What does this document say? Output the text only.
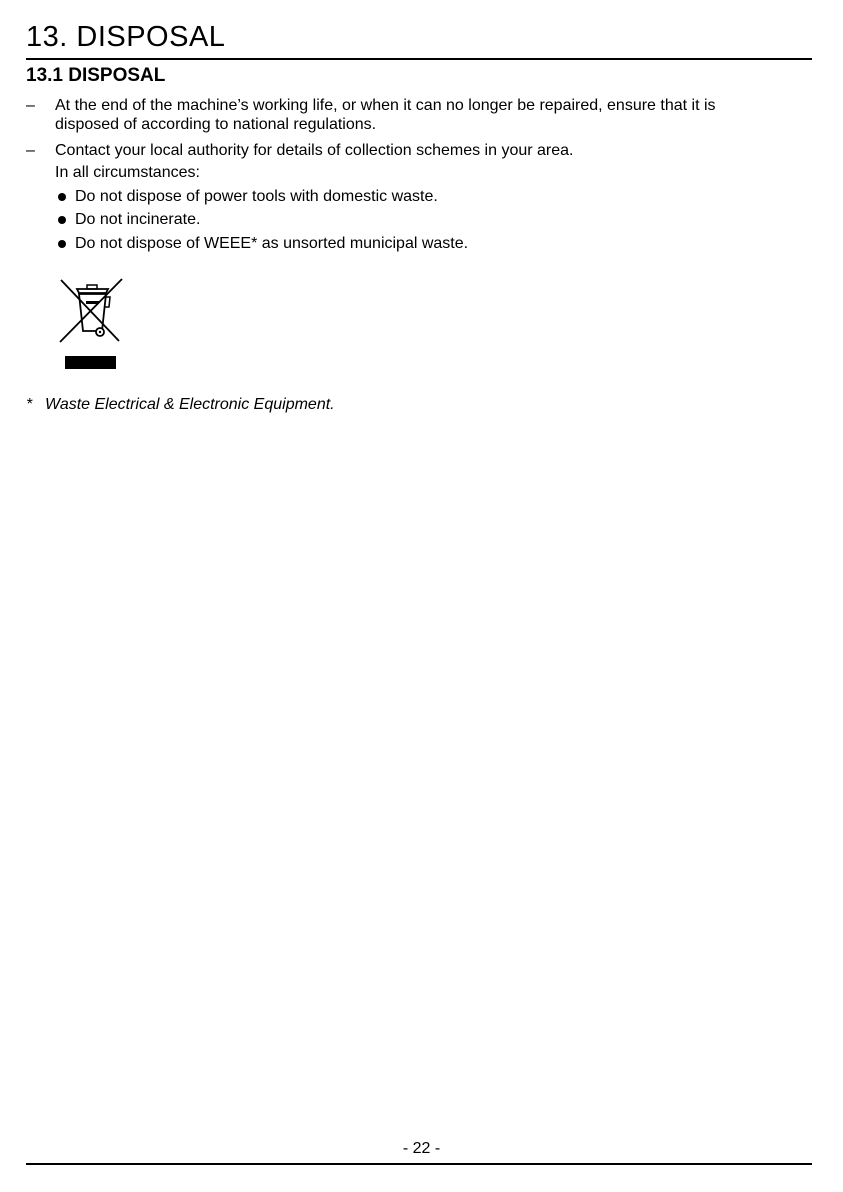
13. DISPOSAL
13.1 DISPOSAL
– At the end of the machine’s working life, or when it can no longer be repaired, ensure that it is
disposed of according to national regulations.
– Contact your local authority for details of collection schemes in your area.
In all circumstances:
Do not dispose of power tools with domestic waste.
Do not incinerate.
Do not dispose of WEEE* as unsorted municipal waste.
* Waste Electrical & Electronic Equipment.
- 22 -
